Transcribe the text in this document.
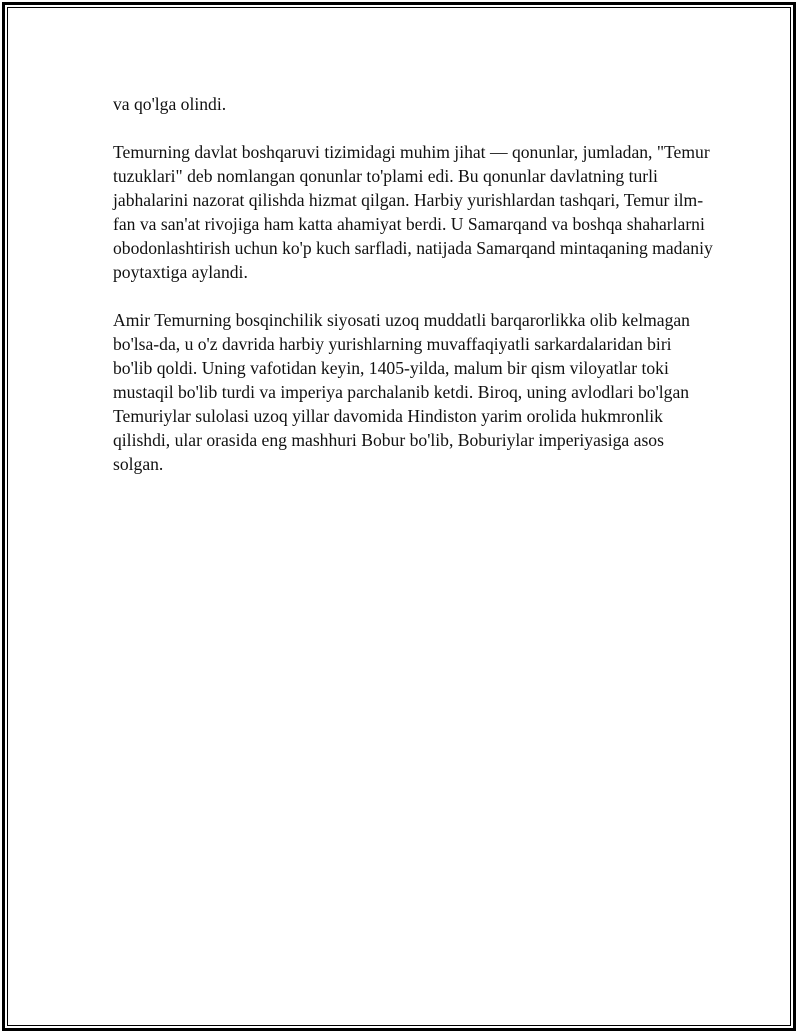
va qo'lga olindi.

Temurning davlat boshqaruvi tizimidagi muhim jihat — qonunlar, jumladan, "Temur tuzuklari" deb nomlangan qonunlar to'plami edi. Bu qonunlar davlatning turli jabhalarini nazorat qilishda hizmat qilgan. Harbiy yurishlardan tashqari, Temur ilm-fan va san'at rivojiga ham katta ahamiyat berdi. U Samarqand va boshqa shaharlarni obodonlashtirish uchun ko'p kuch sarfladi, natijada Samarqand mintaqaning madaniy poytaxtiga aylandi.

Amir Temurning bosqinchilik siyosati uzoq muddatli barqarorlikka olib kelmagan bo'lsa-da, u o'z davrida harbiy yurishlarning muvaffaqiyatli sarkardalaridan biri bo'lib qoldi. Uning vafotidan keyin, 1405-yilda, malum bir qism viloyatlar toki mustaqil bo'lib turdi va imperiya parchalanib ketdi. Biroq, uning avlodlari bo'lgan Temuriylar sulolasi uzoq yillar davomida Hindiston yarim orolida hukmronlik qilishdi, ular orasida eng mashhuri Bobur bo'lib, Boburiylar imperiyasiga asos solgan.
